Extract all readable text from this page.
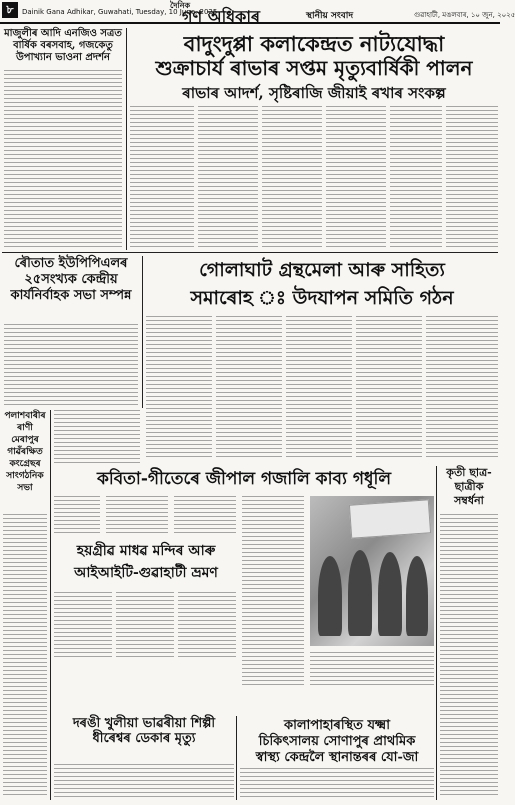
৮	Dainik Gana Adhikar, Guwahati, Tuesday, 10 June, 2025
দৈনিক
গণ অধিকাৰ	স্থানীয় সংবাদ	গুৱাহাটী, মঙলবাৰ, ১০ জুন, ২০২৫
মাজুলীৰ আদি এনজিও সত্ৰত বাৰ্ষিক বৰসবাহ, গজকেতু উপাখ্যান ভাওনা প্ৰদৰ্শন
বাদুংদুপ্পা কলাকেন্দ্ৰত নাট্যযোদ্ধা
শুক্ৰাচাৰ্য ৰাভাৰ সপ্তম মৃত্যুবাৰ্ষিকী পালন
ৰাভাৰ আদৰ্শ, সৃষ্টিৰাজি জীয়াই ৰখাৰ সংকল্প
ৰৌতাত ইউপিপিএলৰ ২৫সংখ্যক কেন্দ্ৰীয় কাৰ্যনিৰ্বাহক সভা সম্পন্ন
গোলাঘাট গ্ৰন্থমেলা আৰু সাহিত্য
সমাৰোহ ঃ উদযাপন সমিতি গঠন
পলাশবাৰীৰ ৰাণী মেৰাপুৰ গাৱঁৰক্ষিত কংগ্ৰেছৰ সাংগঠনিক সভা	কবিতা-গীতেৰে জীপাল গজালি কাব্য গধূলি
হয়গ্ৰীৱ মাধৱ মন্দিৰ আৰু আইআইটি-গুৱাহাটী ভ্ৰমণ
কৃতী ছাত্ৰ-ছাত্ৰীক সম্বৰ্ধনা
দৰঙী খুলীয়া ভাৱৰীয়া শিল্পী ধীৰেশ্বৰ ডেকাৰ মৃত্যু
কালাপাহাৰস্থিত যক্ষ্মা
চিকিৎসালয় সোণাপুৰ প্ৰাথমিক
স্বাস্থ্য কেন্দ্ৰলৈ স্থানান্তৰৰ যো-জা
